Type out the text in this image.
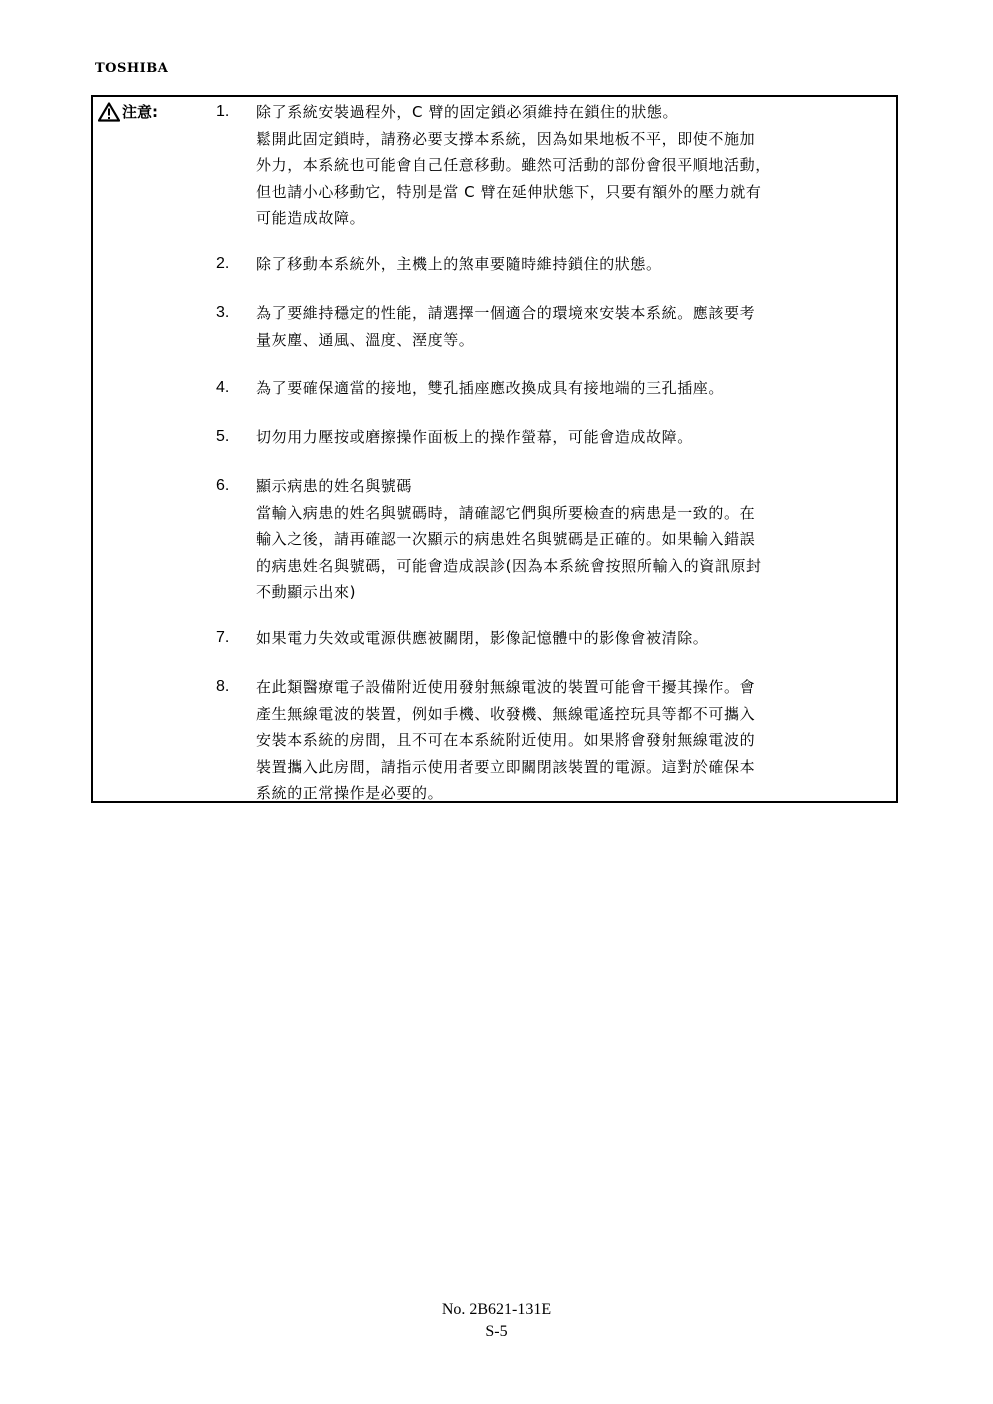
TOSHIBA
注意:	1.	除了系統安裝過程外，C 臂的固定鎖必須維持在鎖住的狀態。
鬆開此固定鎖時，請務必要支撐本系統，因為如果地板不平，即使不施加
外力，本系統也可能會自己任意移動。雖然可活動的部份會很平順地活動，
但也請小心移動它，特別是當 C 臂在延伸狀態下，只要有額外的壓力就有
可能造成故障。
2.	除了移動本系統外，主機上的煞車要隨時維持鎖住的狀態。
3.	為了要維持穩定的性能，請選擇一個適合的環境來安裝本系統。應該要考
量灰塵、通風、溫度、溼度等。
4.	為了要確保適當的接地，雙孔插座應改換成具有接地端的三孔插座。
5.	切勿用力壓按或磨擦操作面板上的操作螢幕，可能會造成故障。
6.	顯示病患的姓名與號碼
當輸入病患的姓名與號碼時，請確認它們與所要檢查的病患是一致的。在
輸入之後，請再確認一次顯示的病患姓名與號碼是正確的。如果輸入錯誤
的病患姓名與號碼，可能會造成誤診(因為本系統會按照所輸入的資訊原封
不動顯示出來)
7.	如果電力失效或電源供應被關閉，影像記憶體中的影像會被清除。
8.	在此類醫療電子設備附近使用發射無線電波的裝置可能會干擾其操作。會
產生無線電波的裝置，例如手機、收發機、無線電遙控玩具等都不可攜入
安裝本系統的房間，且不可在本系統附近使用。如果將會發射無線電波的
裝置攜入此房間，請指示使用者要立即關閉該裝置的電源。這對於確保本
系統的正常操作是必要的。
No. 2B621-131E
S-5
